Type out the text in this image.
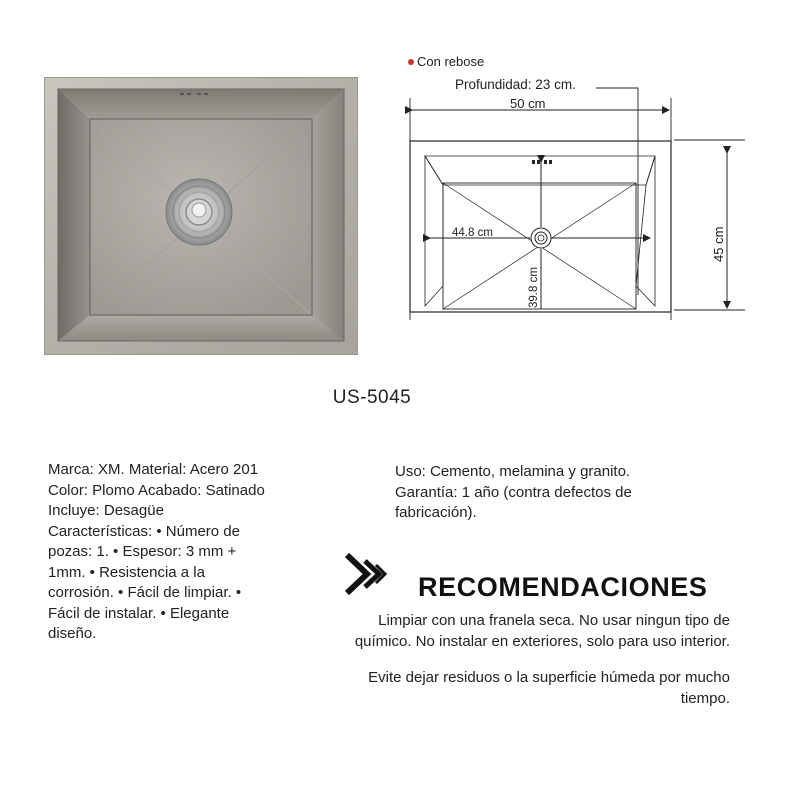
Con rebose
Profundidad: 23 cm.
50 cm
45 cm
44.8 cm
39.8 cm
US-5045
Marca: XM. Material: Acero 201 Color: Plomo Acabado: Satinado Incluye: Desagüe Características: • Número de pozas: 1. • Espesor: 3 mm + 1mm. • Resistencia a la corrosión. • Fácil de limpiar. • Fácil de instalar. • Elegante diseño.
Uso: Cemento, melamina y granito.
Garantía: 1 año (contra defectos de fabricación).
RECOMENDACIONES
Limpiar con una franela seca. No usar ningun tipo de químico. No instalar en exteriores, solo para uso interior.
Evite dejar residuos o la superficie húmeda por mucho tiempo.
